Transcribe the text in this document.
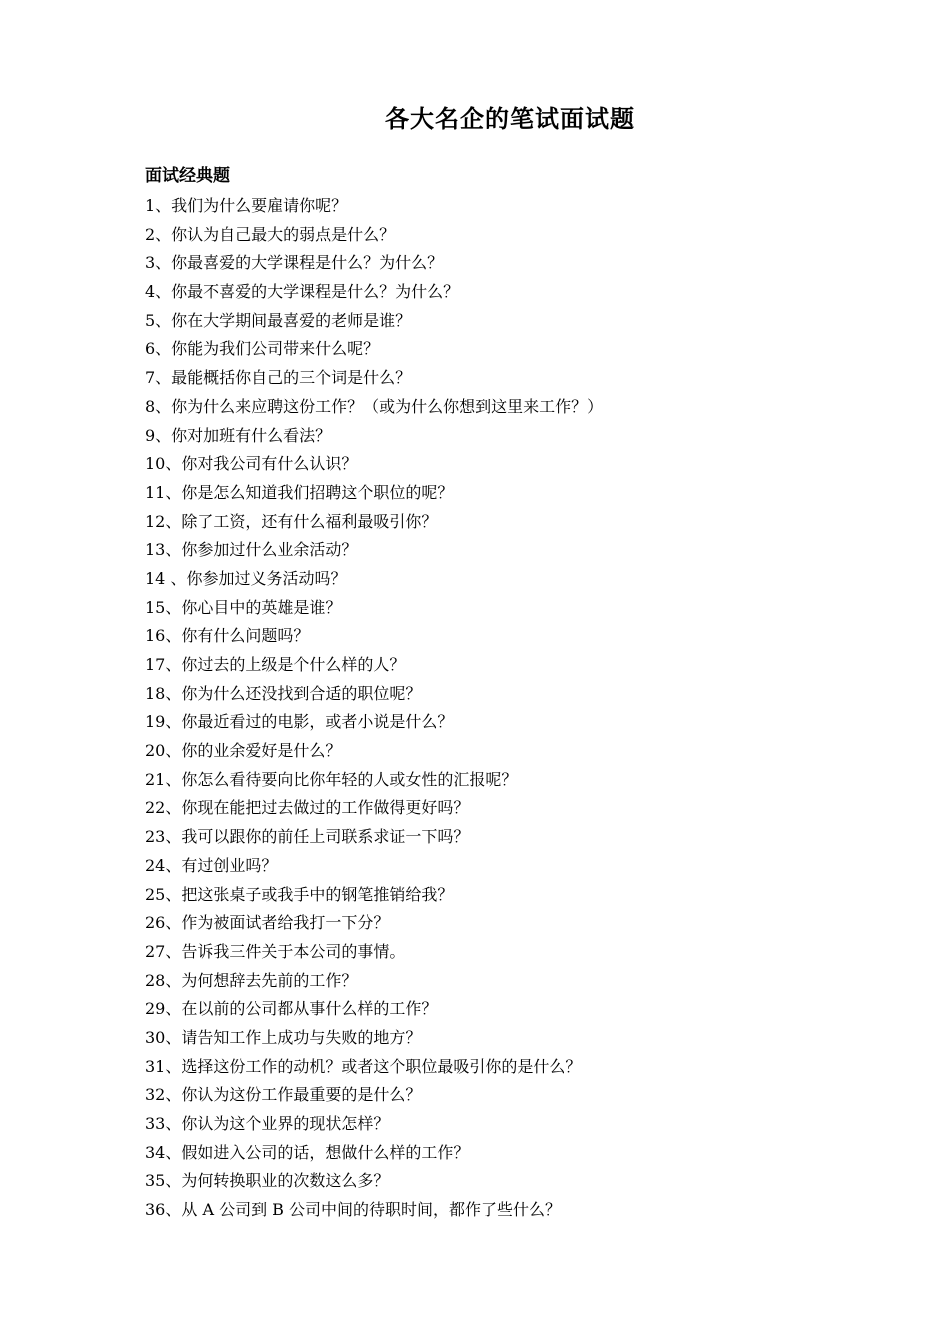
各大名企的笔试面试题
面试经典题
1、我们为什么要雇请你呢？
2、你认为自己最大的弱点是什么？
3、你最喜爱的大学课程是什么？为什么？
4、你最不喜爱的大学课程是什么？为什么？
5、你在大学期间最喜爱的老师是谁？
6、你能为我们公司带来什么呢？
7、最能概括你自己的三个词是什么？
8、你为什么来应聘这份工作？（或为什么你想到这里来工作？）
9、你对加班有什么看法？
10、你对我公司有什么认识？
11、你是怎么知道我们招聘这个职位的呢？
12、除了工资，还有什么福利最吸引你？
13、你参加过什么业余活动？
14 、你参加过义务活动吗？
15、你心目中的英雄是谁？
16、你有什么问题吗？
17、你过去的上级是个什么样的人？
18、你为什么还没找到合适的职位呢？
19、你最近看过的电影，或者小说是什么？
20、你的业余爱好是什么？
21、你怎么看待要向比你年轻的人或女性的汇报呢？
22、你现在能把过去做过的工作做得更好吗？
23、我可以跟你的前任上司联系求证一下吗？
24、有过创业吗？
25、把这张桌子或我手中的钢笔推销给我？
26、作为被面试者给我打一下分？
27、告诉我三件关于本公司的事情。
28、为何想辞去先前的工作？
29、在以前的公司都从事什么样的工作？
30、请告知工作上成功与失败的地方？
31、选择这份工作的动机？或者这个职位最吸引你的是什么？
32、你认为这份工作最重要的是什么？
33、你认为这个业界的现状怎样？
34、假如进入公司的话，想做什么样的工作？
35、为何转换职业的次数这么多？
36、从 A 公司到 B 公司中间的待职时间，都作了些什么？
